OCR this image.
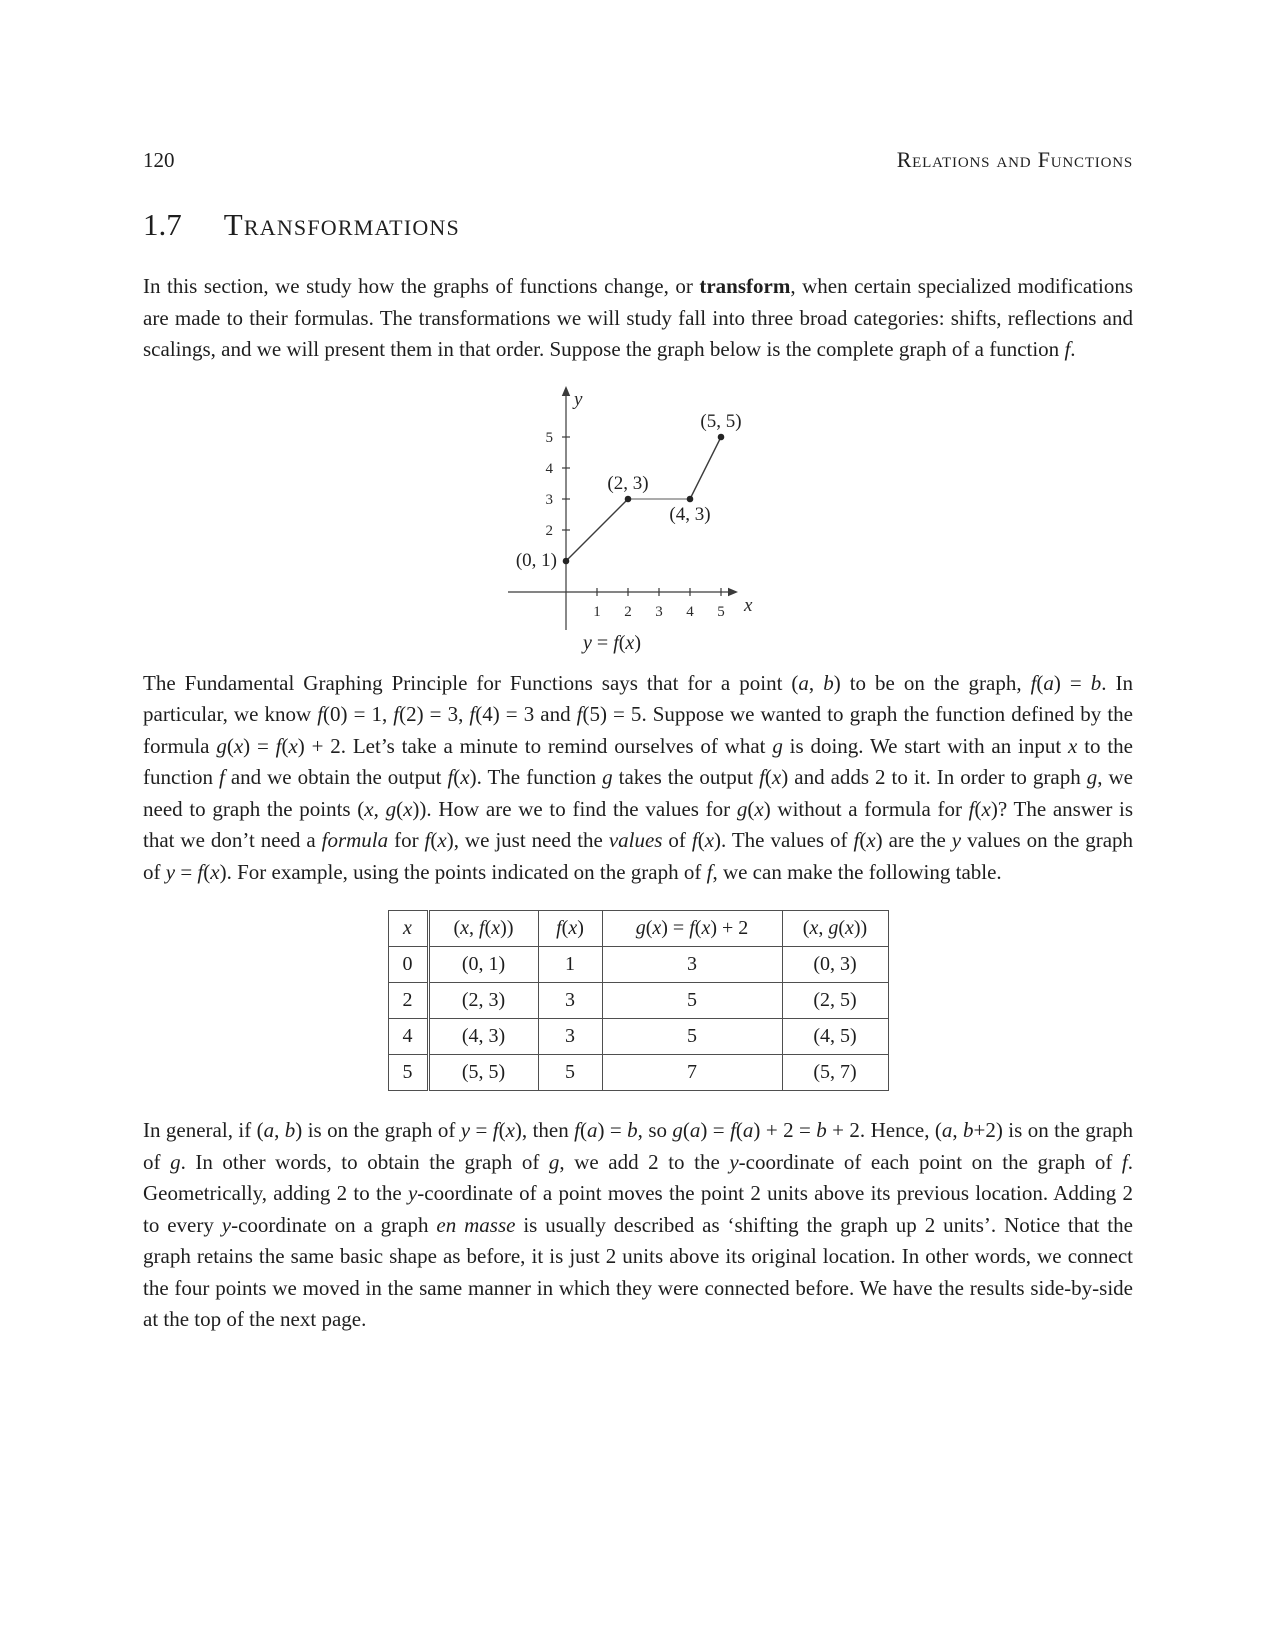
120	Relations and Functions
1.7 Transformations

In this section, we study how the graphs of functions change, or transform, when certain specialized modifications are made to their formulas. The transformations we will study fall into three broad categories: shifts, reflections and scalings, and we will present them in that order. Suppose the graph below is the complete graph of a function f.

1 2 3 4 5
2
3
4
5
x
y
(0, 1)
(2, 3)
(4, 3)
(5, 5)
y = f(x)

The Fundamental Graphing Principle for Functions says that for a point (a, b) to be on the graph, f(a) = b. In particular, we know f(0) = 1, f(2) = 3, f(4) = 3 and f(5) = 5. Suppose we wanted to graph the function defined by the formula g(x) = f(x) + 2. Let’s take a minute to remind ourselves of what g is doing. We start with an input x to the function f and we obtain the output f(x). The function g takes the output f(x) and adds 2 to it. In order to graph g, we need to graph the points (x, g(x)). How are we to find the values for g(x) without a formula for f(x)? The answer is that we don’t need a formula for f(x), we just need the values of f(x). The values of f(x) are the y values on the graph of y = f(x). For example, using the points indicated on the graph of f, we can make the following table.

x	(x, f(x))	f(x)	g(x) = f(x) + 2	(x, g(x))
0	(0, 1)	1	3	(0, 3)
2	(2, 3)	3	5	(2, 5)
4	(4, 3)	3	5	(4, 5)
5	(5, 5)	5	7	(5, 7)

In general, if (a, b) is on the graph of y = f(x), then f(a) = b, so g(a) = f(a) + 2 = b + 2. Hence, (a, b+2) is on the graph of g. In other words, to obtain the graph of g, we add 2 to the y-coordinate of each point on the graph of f. Geometrically, adding 2 to the y-coordinate of a point moves the point 2 units above its previous location. Adding 2 to every y-coordinate on a graph en masse is usually described as ‘shifting the graph up 2 units’. Notice that the graph retains the same basic shape as before, it is just 2 units above its original location. In other words, we connect the four points we moved in the same manner in which they were connected before. We have the results side-by-side at the top of the next page.
